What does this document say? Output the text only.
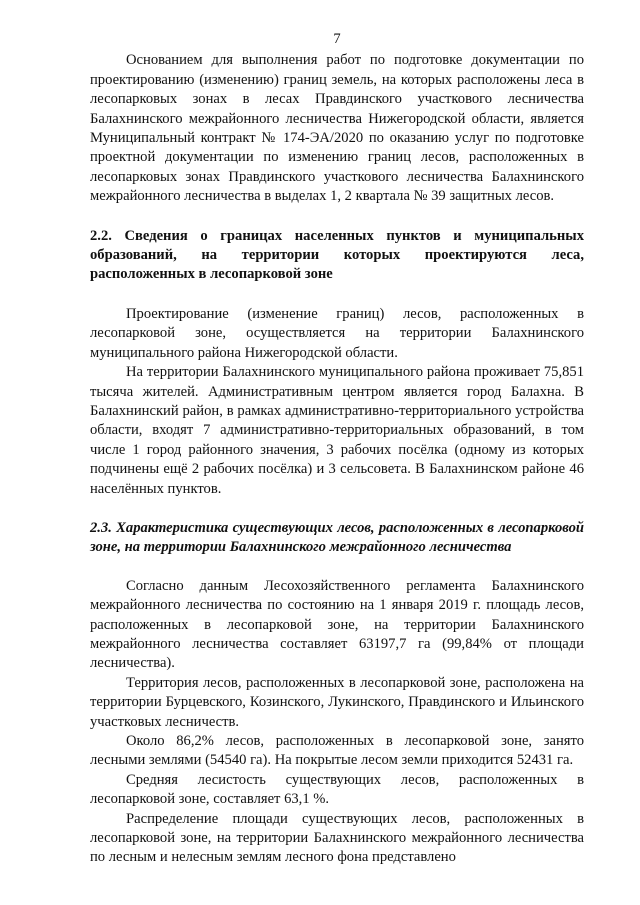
7

Основанием для выполнения работ по подготовке документации по проектированию (изменению) границ земель, на которых расположены леса в лесопарковых зонах в лесах Правдинского участкового лесничества Балахнинского межрайонного лесничества Нижегородской области, является Муниципальный контракт № 174-ЭА/2020 по оказанию услуг по подготовке проектной документации по изменению границ лесов, расположенных в лесопарковых зонах Правдинского участкового лесничества Балахнинского межрайонного лесничества в выделах 1, 2 квартала № 39 защитных лесов.

2.2. Сведения о границах населенных пунктов и муниципальных образований, на территории которых проектируются леса, расположенных в лесопарковой зоне

Проектирование (изменение границ) лесов, расположенных в лесопарковой зоне, осуществляется на территории Балахнинского муниципального района Нижегородской области.

На территории Балахнинского муниципального района проживает 75,851 тысяча жителей. Административным центром является город Балахна. В Балахнинский район, в рамках административно-территориального устройства области, входят 7 административно-территориальных образований, в том числе 1 город районного значения, 3 рабочих посёлка (одному из которых подчинены ещё 2 рабочих посёлка) и 3 сельсовета. В Балахнинском районе 46 населённых пунктов.

2.3. Характеристика существующих лесов, расположенных в лесопарковой зоне, на территории Балахнинского межрайонного лесничества

Согласно данным Лесохозяйственного регламента Балахнинского межрайонного лесничества по состоянию на 1 января 2019 г. площадь лесов, расположенных в лесопарковой зоне, на территории Балахнинского межрайонного лесничества составляет 63197,7 га (99,84% от площади лесничества).

Территория лесов, расположенных в лесопарковой зоне, расположена на территории Бурцевского, Козинского, Лукинского, Правдинского и Ильинского участковых лесничеств.

Около 86,2% лесов, расположенных в лесопарковой зоне, занято лесными землями (54540 га). На покрытые лесом земли приходится 52431 га.

Средняя лесистость существующих лесов, расположенных в лесопарковой зоне, составляет 63,1 %.

Распределение площади существующих лесов, расположенных в лесопарковой зоне, на территории Балахнинского межрайонного лесничества по лесным и нелесным землям лесного фона представлено
